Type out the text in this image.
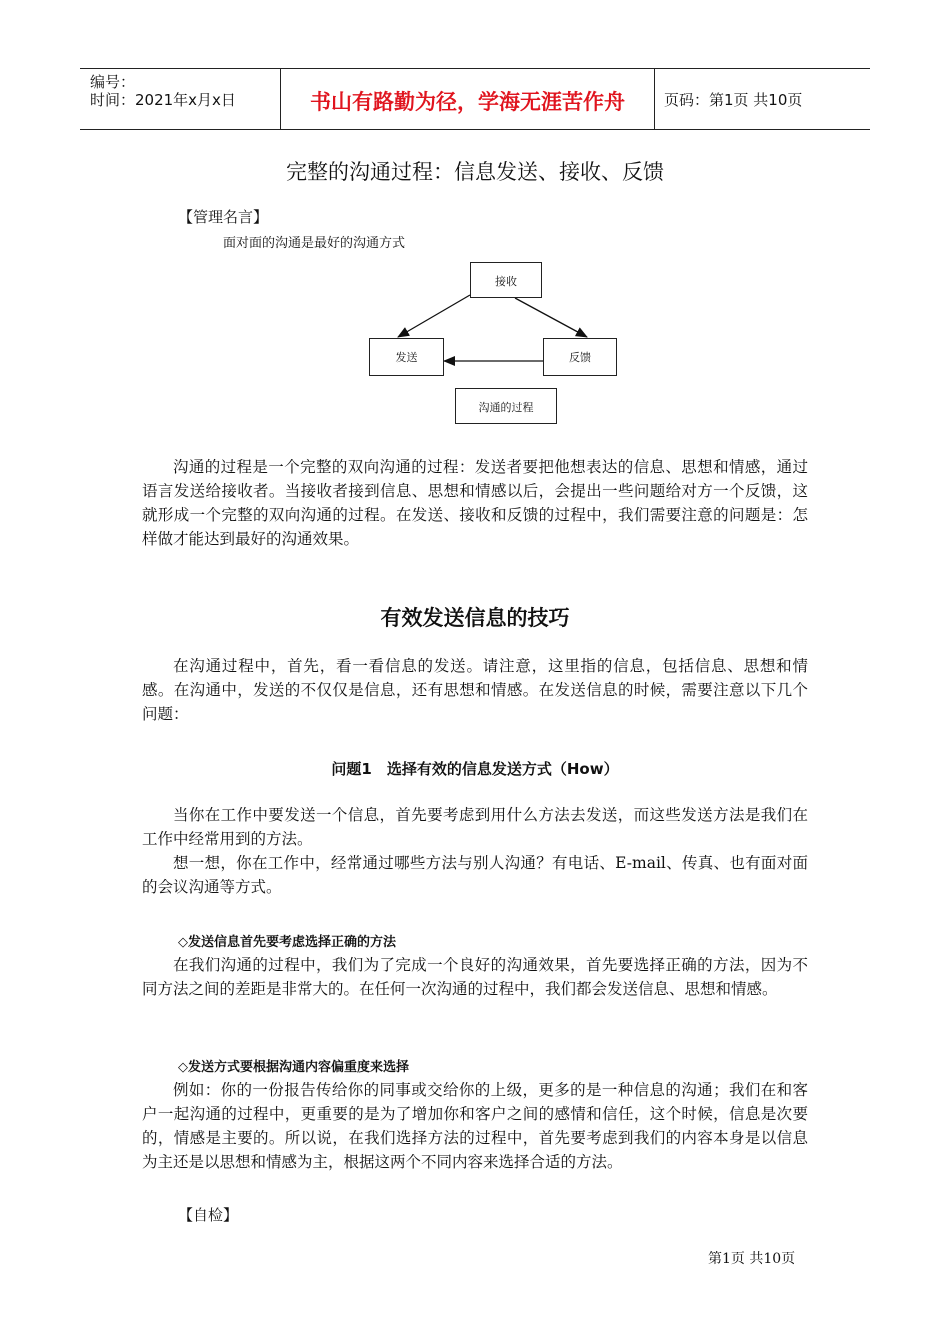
编号：
时间：2021年x月x日	书山有路勤为径，学海无涯苦作舟	页码：第1页 共10页
完整的沟通过程：信息发送、接收、反馈
【管理名言】
面对面的沟通是最好的沟通方式
接收
发送	反馈
沟通的过程

沟通的过程是一个完整的双向沟通的过程：发送者要把他想表达的信息、思想和情感，通过语言发送给接收者。当接收者接到信息、思想和情感以后，会提出一些问题给对方一个反馈，这就形成一个完整的双向沟通的过程。在发送、接收和反馈的过程中，我们需要注意的问题是：怎样做才能达到最好的沟通效果。

有效发送信息的技巧

在沟通过程中，首先，看一看信息的发送。请注意，这里指的信息，包括信息、思想和情感。在沟通中，发送的不仅仅是信息，还有思想和情感。在发送信息的时候，需要注意以下几个问题：

问题1　选择有效的信息发送方式（How）

当你在工作中要发送一个信息，首先要考虑到用什么方法去发送，而这些发送方法是我们在工作中经常用到的方法。

想一想，你在工作中，经常通过哪些方法与别人沟通？有电话、E-mail、传真、也有面对面的会议沟通等方式。

◇发送信息首先要考虑选择正确的方法

在我们沟通的过程中，我们为了完成一个良好的沟通效果，首先要选择正确的方法，因为不同方法之间的差距是非常大的。在任何一次沟通的过程中，我们都会发送信息、思想和情感。

◇发送方式要根据沟通内容偏重度来选择

例如：你的一份报告传给你的同事或交给你的上级，更多的是一种信息的沟通；我们在和客户一起沟通的过程中，更重要的是为了增加你和客户之间的感情和信任，这个时候，信息是次要的，情感是主要的。所以说，在我们选择方法的过程中，首先要考虑到我们的内容本身是以信息为主还是以思想和情感为主，根据这两个不同内容来选择合适的方法。

【自检】
第1页 共10页
